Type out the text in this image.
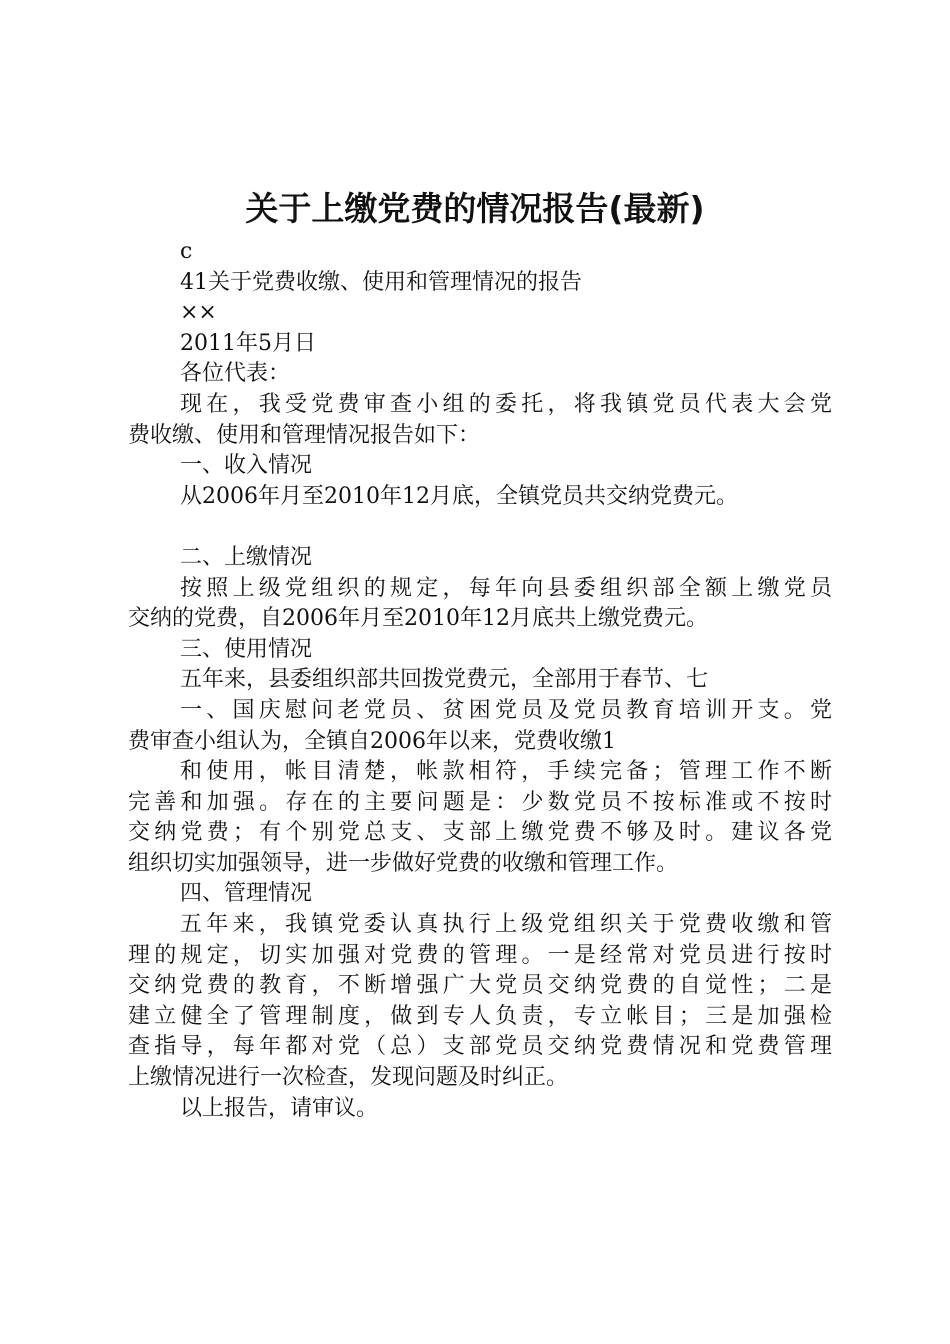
关于上缴党费的情况报告(最新)
c
41关于党费收缴、使用和管理情况的报告
××
2011年5月日
各位代表：
现在，我受党费审查小组的委托，将我镇党员代表大会党
费收缴、使用和管理情况报告如下：
一、收入情况
从2006年月至2010年12月底，全镇党员共交纳党费元。
二、上缴情况
按照上级党组织的规定，每年向县委组织部全额上缴党员
交纳的党费，自2006年月至2010年12月底共上缴党费元。
三、使用情况
五年来，县委组织部共回拨党费元，全部用于春节、七
一、国庆慰问老党员、贫困党员及党员教育培训开支。党
费审查小组认为，全镇自2006年以来，党费收缴1
和使用，帐目清楚，帐款相符，手续完备；管理工作不断
完善和加强。存在的主要问题是：少数党员不按标准或不按时
交纳党费；有个别党总支、支部上缴党费不够及时。建议各党
组织切实加强领导，进一步做好党费的收缴和管理工作。
四、管理情况
五年来，我镇党委认真执行上级党组织关于党费收缴和管
理的规定，切实加强对党费的管理。一是经常对党员进行按时
交纳党费的教育，不断增强广大党员交纳党费的自觉性；二是
建立健全了管理制度，做到专人负责，专立帐目；三是加强检
查指导，每年都对党（总）支部党员交纳党费情况和党费管理
上缴情况进行一次检查，发现问题及时纠正。
以上报告，请审议。
